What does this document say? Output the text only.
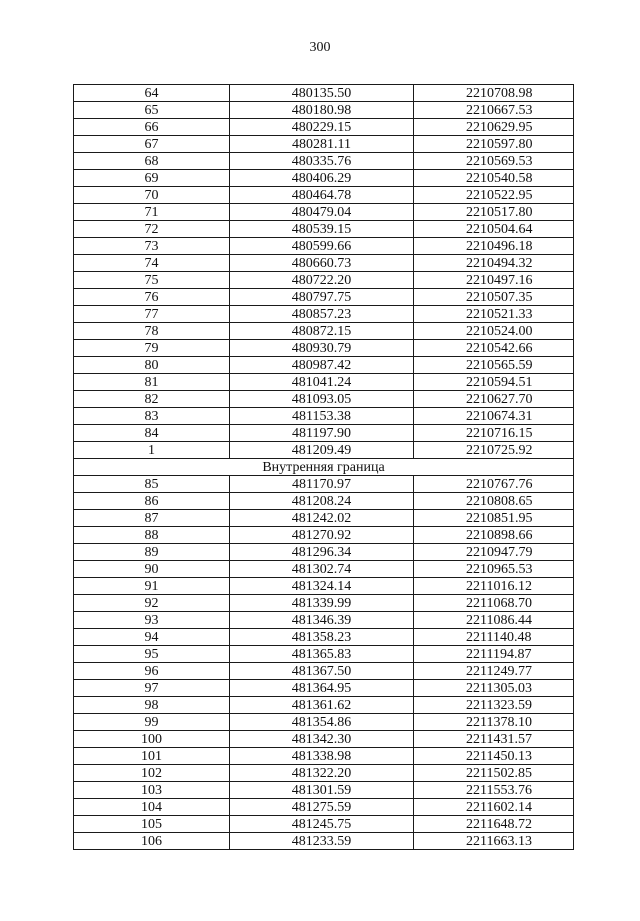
300
64	480135.50	2210708.98
65	480180.98	2210667.53
66	480229.15	2210629.95
67	480281.11	2210597.80
68	480335.76	2210569.53
69	480406.29	2210540.58
70	480464.78	2210522.95
71	480479.04	2210517.80
72	480539.15	2210504.64
73	480599.66	2210496.18
74	480660.73	2210494.32
75	480722.20	2210497.16
76	480797.75	2210507.35
77	480857.23	2210521.33
78	480872.15	2210524.00
79	480930.79	2210542.66
80	480987.42	2210565.59
81	481041.24	2210594.51
82	481093.05	2210627.70
83	481153.38	2210674.31
84	481197.90	2210716.15
1	481209.49	2210725.92
Внутренняя граница		
85	481170.97	2210767.76
86	481208.24	2210808.65
87	481242.02	2210851.95
88	481270.92	2210898.66
89	481296.34	2210947.79
90	481302.74	2210965.53
91	481324.14	2211016.12
92	481339.99	2211068.70
93	481346.39	2211086.44
94	481358.23	2211140.48
95	481365.83	2211194.87
96	481367.50	2211249.77
97	481364.95	2211305.03
98	481361.62	2211323.59
99	481354.86	2211378.10
100	481342.30	2211431.57
101	481338.98	2211450.13
102	481322.20	2211502.85
103	481301.59	2211553.76
104	481275.59	2211602.14
105	481245.75	2211648.72
106	481233.59	2211663.13
